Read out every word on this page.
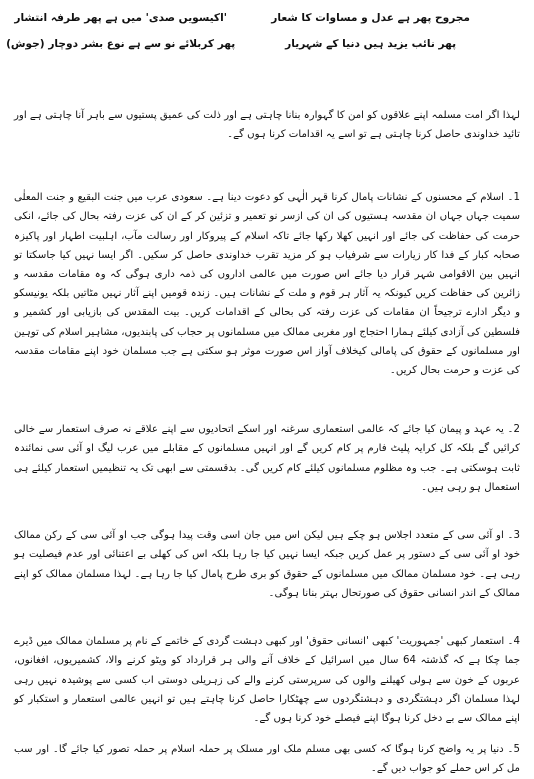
مجروح پھر ہے عدل و مساوات کا شعار
'اکیسویں صدی' میں ہے پھر طرفہ انتشار
پھر نائب یزید ہیں دنیا کے شہریار
پھر کربلائے نو سے ہے نوع بشر دوچار (جوش)

لہذا اگر امت مسلمہ اپنے علاقوں کو امن کا گہوارہ بنانا چاہتی ہے اور ذلت کی عمیق پستیوں سے باہر آنا چاہتی ہے اور تائید خداوندی حاصل کرنا چاہتی ہے تو اسے یہ اقدامات کرنا ہوں گے۔

1۔ اسلام کے محسنوں کے نشانات پامال کرنا قہر الٰہی کو دعوت دینا ہے۔ سعودی عرب میں جنت البقیع و جنت المعلٰی سمیت جہاں جہاں ان مقدسہ ہستیوں کی ان کی ازسر نو تعمیر و تزئین کر کے ان کی عزت رفتہ بحال کی جائے، انکی حرمت کی حفاظت کی جائے اور انہیں کھلا رکھا جائے تاکہ اسلام کے پیروکار اور رسالت مآب، اہلبیت اطہار اور پاکیزہ صحابہ کبار کے فدا کار زیارات سے شرفیاب ہو کر مزید تقرب خداوندی حاصل کر سکیں۔ اگر ایسا نہیں کیا جاسکتا تو انہیں بین الاقوامی شہر قرار دیا جائے اس صورت میں عالمی اداروں کی ذمہ داری ہوگی کہ وہ مقامات مقدسہ و زائرین کی حفاظت کریں کیونکہ یہ آثار ہر قوم و ملت کے نشانات ہیں۔ زندہ قومیں اپنے آثار نہیں مٹاتیں بلکہ یونیسکو و دیگر ادارے ترجیحاً ان مقامات کی عزت رفتہ کی بحالی کے اقدامات کریں۔ بیت المقدس کی بازیابی اور کشمیر و فلسطین کی آزادی کیلئے ہمارا احتجاج اور مغربی ممالک میں مسلمانوں پر حجاب کی پابندیوں، مشاہیر اسلام کی توہین اور مسلمانوں کے حقوق کی پامالی کیخلاف آواز اس صورت موثر ہو سکتی ہے جب مسلمان خود اپنے مقامات مقدسہ کی عزت و حرمت بحال کریں۔

2۔ یہ عہد و پیمان کیا جائے کہ عالمی استعماری سرغنہ اور اسکے اتحادیوں سے اپنے علاقے نہ صرف استعمار سے خالی کرائیں گے بلکہ کل کرایہ پلیٹ فارم پر کام کریں گے اور انہیں مسلمانوں کے مقابلے میں عرب لیگ او آئی سی نمائندہ ثابت ہوسکتی ہے۔ جب وہ مظلوم مسلمانوں کیلئے کام کریں گی۔ بدقسمتی سے ابھی تک یہ تنظیمیں استعمار کیلئے ہی استعمال ہو رہی ہیں۔

3۔ او آئی سی کے متعدد اجلاس ہو چکے ہیں لیکن اس میں جان اسی وقت پیدا ہوگی جب او آئی سی کے رکن ممالک خود او آئی سی کے دستور پر عمل کریں جبکہ ایسا نہیں کیا جا رہا بلکہ اس کی کھلی بے اعتنائی اور عدم فیصلیت ہو رہی ہے۔ خود مسلمان ممالک میں مسلمانوں کے حقوق کو بری طرح پامال کیا جا رہا ہے۔ لہذا مسلمان ممالک کو اپنے ممالک کے اندر انسانی حقوق کی صورتحال بہتر بنانا ہوگی۔

4۔ استعمار کبھی 'جمہوریت' کبھی 'انسانی حقوق' اور کبھی دہشت گردی کے خاتمے کے نام پر مسلمان ممالک میں ڈیرے جما چکا ہے کہ گذشتہ 64 سال میں اسرائیل کے خلاف آنے والی ہر قرارداد کو ویٹو کرنے والا، کشمیریوں، افغانوں، عربوں کے خون سے ہولی کھیلنے والوں کی سرپرستی کرنے والے کی زہریلی دوستی اب کسی سے پوشیدہ نہیں رہی لہذا مسلمان اگر دہشتگردی و دہشتگردوں سے چھٹکارا حاصل کرنا چاہتے ہیں تو انہیں عالمی استعمار و استکبار کو اپنے ممالک سے بے دخل کرنا ہوگا اپنے فیصلے خود کرنا ہوں گے۔

5۔ دنیا پر یہ واضح کرنا ہوگا کہ کسی بھی مسلم ملک اور مسلک پر حملہ اسلام پر حملہ تصور کیا جائے گا۔ اور سب مل کر اس حملے کو جواب دیں گے۔
